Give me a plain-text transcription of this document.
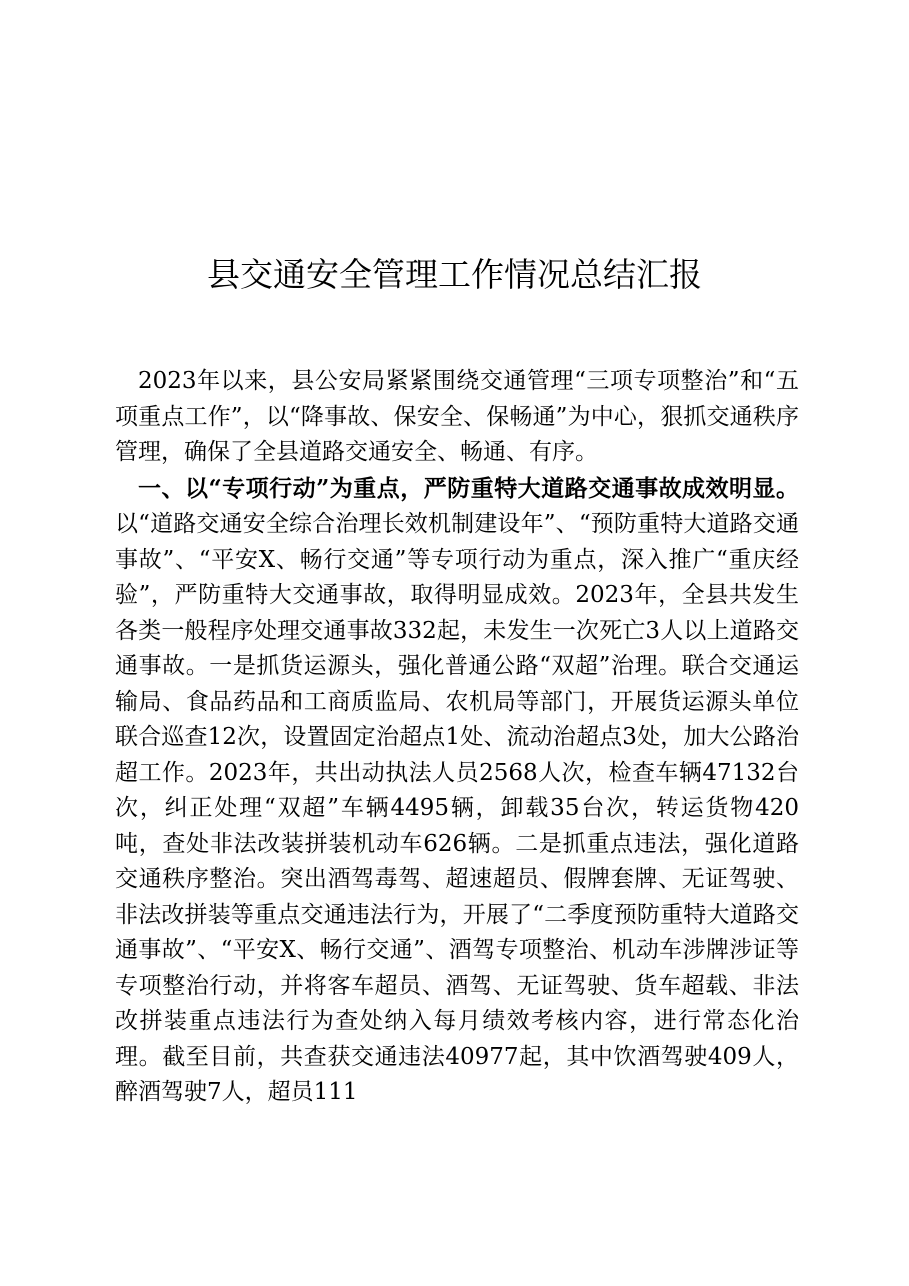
县交通安全管理工作情况总结汇报

2023年以来，县公安局紧紧围绕交通管理“三项专项整治”和“五项重点工作”，以“降事故、保安全、保畅通”为中心，狠抓交通秩序管理，确保了全县道路交通安全、畅通、有序。

一、以“专项行动”为重点，严防重特大道路交通事故成效明显。以“道路交通安全综合治理长效机制建设年”、“预防重特大道路交通事故”、“平安X、畅行交通”等专项行动为重点，深入推广“重庆经验”，严防重特大交通事故，取得明显成效。2023年，全县共发生各类一般程序处理交通事故332起，未发生一次死亡3人以上道路交通事故。一是抓货运源头，强化普通公路“双超”治理。联合交通运输局、食品药品和工商质监局、农机局等部门，开展货运源头单位联合巡查12次，设置固定治超点1处、流动治超点3处，加大公路治超工作。2023年，共出动执法人员2568人次，检查车辆47132台次，纠正处理“双超”车辆4495辆，卸载35台次，转运货物420吨，查处非法改装拼装机动车626辆。二是抓重点违法，强化道路交通秩序整治。突出酒驾毒驾、超速超员、假牌套牌、无证驾驶、非法改拼装等重点交通违法行为，开展了“二季度预防重特大道路交通事故”、“平安X、畅行交通”、酒驾专项整治、机动车涉牌涉证等专项整治行动，并将客车超员、酒驾、无证驾驶、货车超载、非法改拼装重点违法行为查处纳入每月绩效考核内容，进行常态化治理。截至目前，共查获交通违法40977起，其中饮酒驾驶409人，醉酒驾驶7人，超员111
